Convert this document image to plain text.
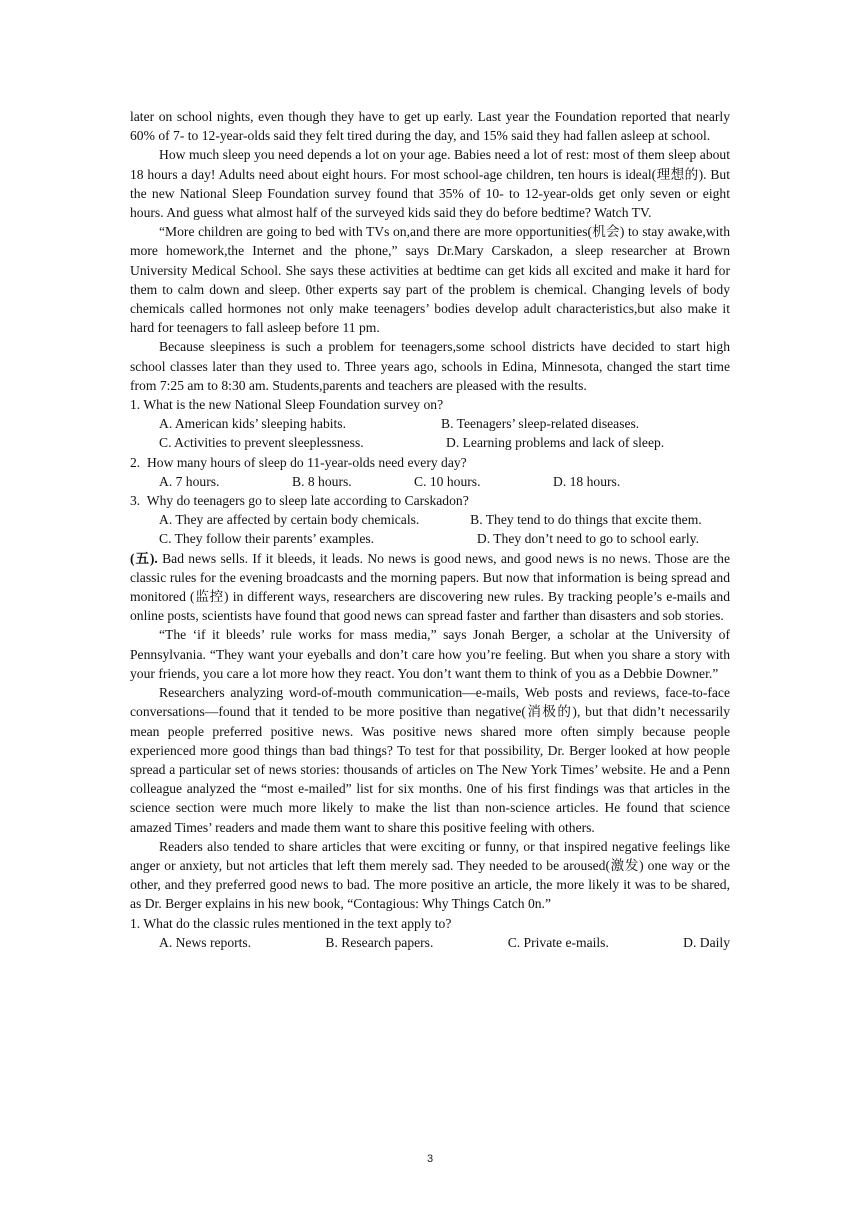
later on school nights, even though they have to get up early. Last year the Foundation reported that nearly 60% of 7- to 12-year-olds said they felt tired during the day, and 15% said they had fallen asleep at school.

How much sleep you need depends a lot on your age. Babies need a lot of rest: most of them sleep about 18 hours a day! Adults need about eight hours. For most school-age children, ten hours is ideal(理想的). But the new National Sleep Foundation survey found that 35% of 10- to 12-year-olds get only seven or eight hours. And guess what almost half of the surveyed kids said they do before bedtime? Watch TV.

“More children are going to bed with TVs on,and there are more opportunities(机会) to stay awake,with more homework,the Internet and the phone,” says Dr.Mary Carskadon, a sleep researcher at Brown University Medical School. She says these activities at bedtime can get kids all excited and make it hard for them to calm down and sleep. 0ther experts say part of the problem is chemical. Changing levels of body chemicals called hormones not only make teenagers’ bodies develop adult characteristics,but also make it hard for teenagers to fall asleep before 11 pm.

Because sleepiness is such a problem for teenagers,some school districts have decided to start high school classes later than they used to. Three years ago, schools in Edina, Minnesota, changed the start time from 7:25 am to 8:30 am. Students,parents and teachers are pleased with the results.

1. What is the new National Sleep Foundation survey on?

A. American kids’ sleeping habits.	B. Teenagers’ sleep-related diseases.
C. Activities to prevent sleeplessness.	D. Learning problems and lack of sleep.

2.  How many hours of sleep do 11-year-olds need every day?

A. 7 hours.	B. 8 hours.	C. 10 hours.	D. 18 hours.

3.  Why do teenagers go to sleep late according to Carskadon?

A. They are affected by certain body chemicals.	B. They tend to do things that excite them.

C. They follow their parents’ examples.	D. They don’t need to go to school early.

(五). Bad news sells. If it bleeds, it leads. No news is good news, and good news is no news. Those are the classic rules for the evening broadcasts and the morning papers. But now that information is being spread and monitored (监控) in different ways, researchers are discovering new rules. By tracking people’s e-mails and online posts, scientists have found that good news can spread faster and farther than disasters and sob stories.

“The ‘if it bleeds’ rule works for mass media,” says Jonah Berger, a scholar at the University of Pennsylvania. “They want your eyeballs and don’t care how you’re feeling. But when you share a story with your friends, you care a lot more how they react. You don’t want them to think of you as a Debbie Downer.”

Researchers analyzing word-of-mouth communication—e-mails, Web posts and reviews, face-to-face conversations—found that it tended to be more positive than negative(消极的), but that didn’t necessarily mean people preferred positive news. Was positive news shared more often simply because people experienced more good things than bad things? To test for that possibility, Dr. Berger looked at how people spread a particular set of news stories: thousands of articles on The New York Times’ website. He and a Penn colleague analyzed the “most e-mailed” list for six months. 0ne of his first findings was that articles in the science section were much more likely to make the list than non-science articles. He found that science amazed Times’ readers and made them want to share this positive feeling with others.

Readers also tended to share articles that were exciting or funny, or that inspired negative feelings like anger or anxiety, but not articles that left them merely sad. They needed to be aroused(激发) one way or the other, and they preferred good news to bad. The more positive an article, the more likely it was to be shared, as Dr. Berger explains in his new book, “Contagious: Why Things Catch 0n.”

1. What do the classic rules mentioned in the text apply to?

A. News reports.	B. Research papers.	C. Private e-mails.	D. Daily
3
